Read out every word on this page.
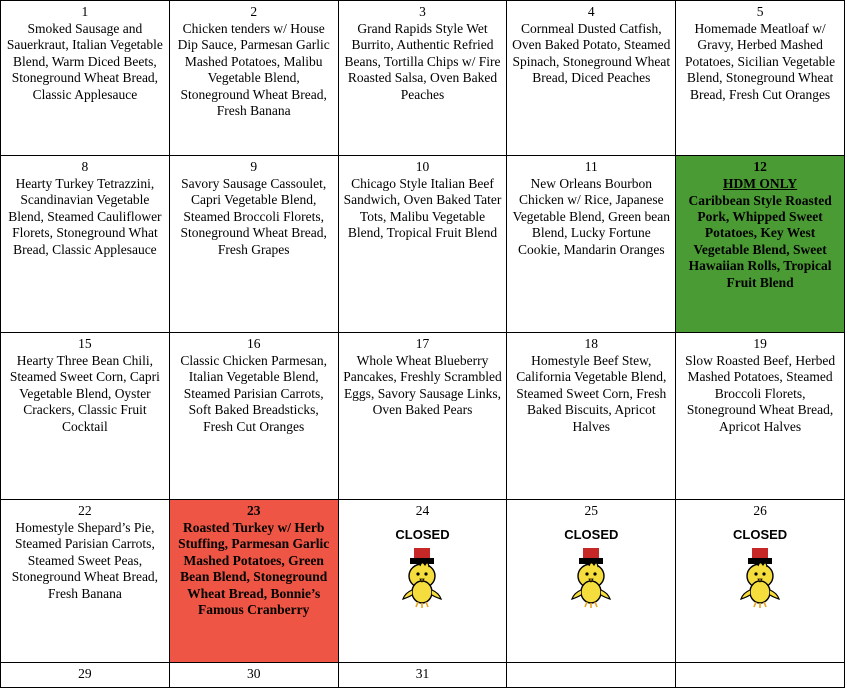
1
Smoked Sausage and Sauerkraut, Italian Vegetable Blend, Warm Diced Beets, Stoneground Wheat Bread, Classic Applesauce	2
Chicken tenders w/ House Dip Sauce, Parmesan Garlic Mashed Potatoes, Malibu Vegetable Blend, Stoneground Wheat Bread, Fresh Banana	3
Grand Rapids Style Wet Burrito, Authentic Refried Beans, Tortilla Chips w/ Fire Roasted Salsa, Oven Baked Peaches	4
Cornmeal Dusted Catfish, Oven Baked Potato, Steamed Spinach, Stoneground Wheat Bread, Diced Peaches	5
Homemade Meatloaf w/ Gravy, Herbed Mashed Potatoes, Sicilian Vegetable Blend, Stoneground Wheat Bread, Fresh Cut Oranges

8
Hearty Turkey Tetrazzini, Scandinavian Vegetable Blend, Steamed Cauliflower Florets, Stoneground What Bread, Classic Applesauce	9
Savory Sausage Cassoulet, Capri Vegetable Blend, Steamed Broccoli Florets, Stoneground Wheat Bread, Fresh Grapes	10
Chicago Style Italian Beef Sandwich, Oven Baked Tater Tots, Malibu Vegetable Blend, Tropical Fruit Blend	11
New Orleans Bourbon Chicken w/ Rice, Japanese Vegetable Blend, Green bean Blend, Lucky Fortune Cookie, Mandarin Oranges	12
HDM ONLY
Caribbean Style Roasted Pork, Whipped Sweet Potatoes, Key West Vegetable Blend, Sweet Hawaiian Rolls, Tropical Fruit Blend

15
Hearty Three Bean Chili, Steamed Sweet Corn, Capri Vegetable Blend, Oyster Crackers, Classic Fruit Cocktail	16
Classic Chicken Parmesan, Italian Vegetable Blend, Steamed Parisian Carrots, Soft Baked Breadsticks, Fresh Cut Oranges	17
Whole Wheat Blueberry Pancakes, Freshly Scrambled Eggs, Savory Sausage Links, Oven Baked Pears	18
Homestyle Beef Stew, California Vegetable Blend, Steamed Sweet Corn, Fresh Baked Biscuits, Apricot Halves	19
Slow Roasted Beef, Herbed Mashed Potatoes, Steamed Broccoli Florets, Stoneground Wheat Bread, Apricot Halves

22
Homestyle Shepard’s Pie, Steamed Parisian Carrots, Steamed Sweet Peas, Stoneground Wheat Bread, Fresh Banana	23
Roasted Turkey w/ Herb Stuffing, Parmesan Garlic Mashed Potatoes, Green Bean Blend, Stoneground Wheat Bread, Bonnie’s Famous Cranberry	24
CLOSED	25
CLOSED	26
CLOSED

29	30	31		
